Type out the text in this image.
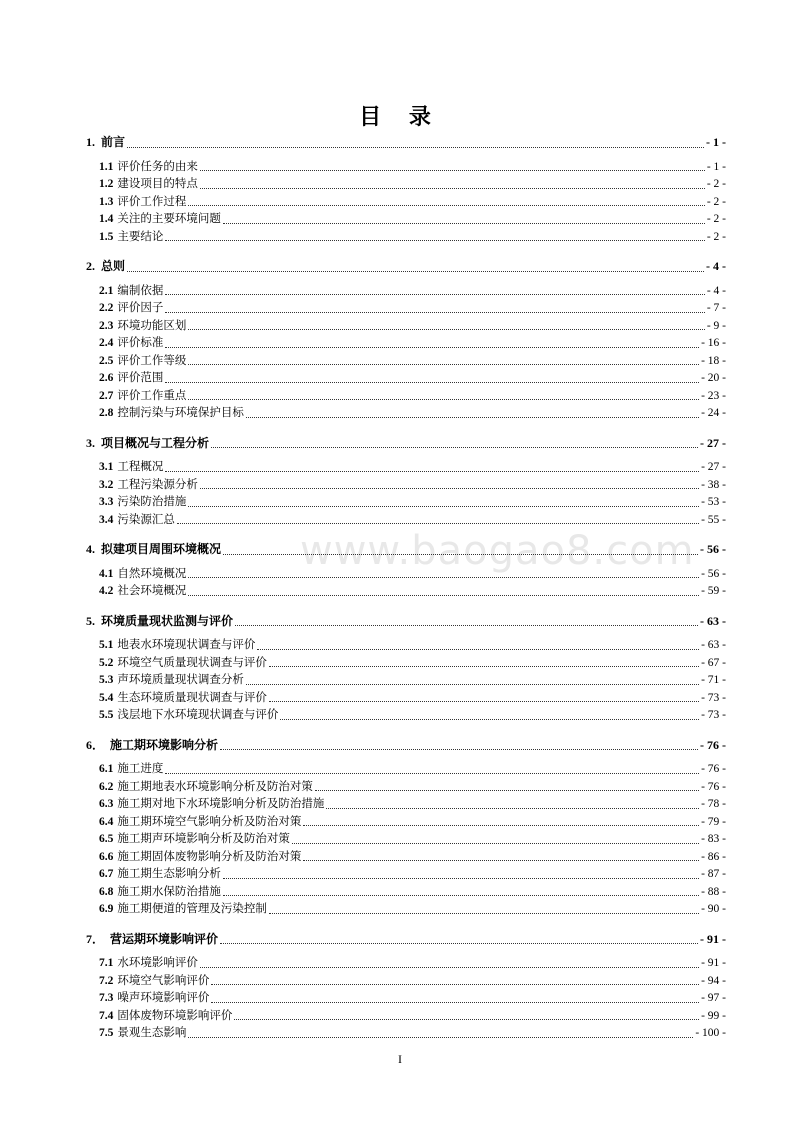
目 录
www.baogao8.com
1. 前言	- 1 -
1.1 评价任务的由来	- 1 -
1.2 建设项目的特点	- 2 -
1.3 评价工作过程	- 2 -
1.4 关注的主要环境问题	- 2 -
1.5 主要结论	- 2 -
2. 总则	- 4 -
2.1 编制依据	- 4 -
2.2 评价因子	- 7 -
2.3 环境功能区划	- 9 -
2.4 评价标准	- 16 -
2.5 评价工作等级	- 18 -
2.6 评价范围	- 20 -
2.7 评价工作重点	- 23 -
2.8 控制污染与环境保护目标	- 24 -
3. 项目概况与工程分析	- 27 -
3.1 工程概况	- 27 -
3.2 工程污染源分析	- 38 -
3.3 污染防治措施	- 53 -
3.4 污染源汇总	- 55 -
4. 拟建项目周围环境概况	- 56 -
4.1 自然环境概况	- 56 -
4.2 社会环境概况	- 59 -
5. 环境质量现状监测与评价	- 63 -
5.1 地表水环境现状调查与评价	- 63 -
5.2 环境空气质量现状调查与评价	- 67 -
5.3 声环境质量现状调查分析	- 71 -
5.4 生态环境质量现状调查与评价	- 73 -
5.5 浅层地下水环境现状调查与评价	- 73 -
6． 施工期环境影响分析	- 76 -
6.1 施工进度	- 76 -
6.2 施工期地表水环境影响分析及防治对策	- 76 -
6.3 施工期对地下水环境影响分析及防治措施	- 78 -
6.4 施工期环境空气影响分析及防治对策	- 79 -
6.5 施工期声环境影响分析及防治对策	- 83 -
6.6 施工期固体废物影响分析及防治对策	- 86 -
6.7 施工期生态影响分析	- 87 -
6.8 施工期水保防治措施	- 88 -
6.9 施工期便道的管理及污染控制	- 90 -
7． 营运期环境影响评价	- 91 -
7.1 水环境影响评价	- 91 -
7.2 环境空气影响评价	- 94 -
7.3 噪声环境影响评价	- 97 -
7.4 固体废物环境影响评价	- 99 -
7.5 景观生态影响	- 100 -
I
